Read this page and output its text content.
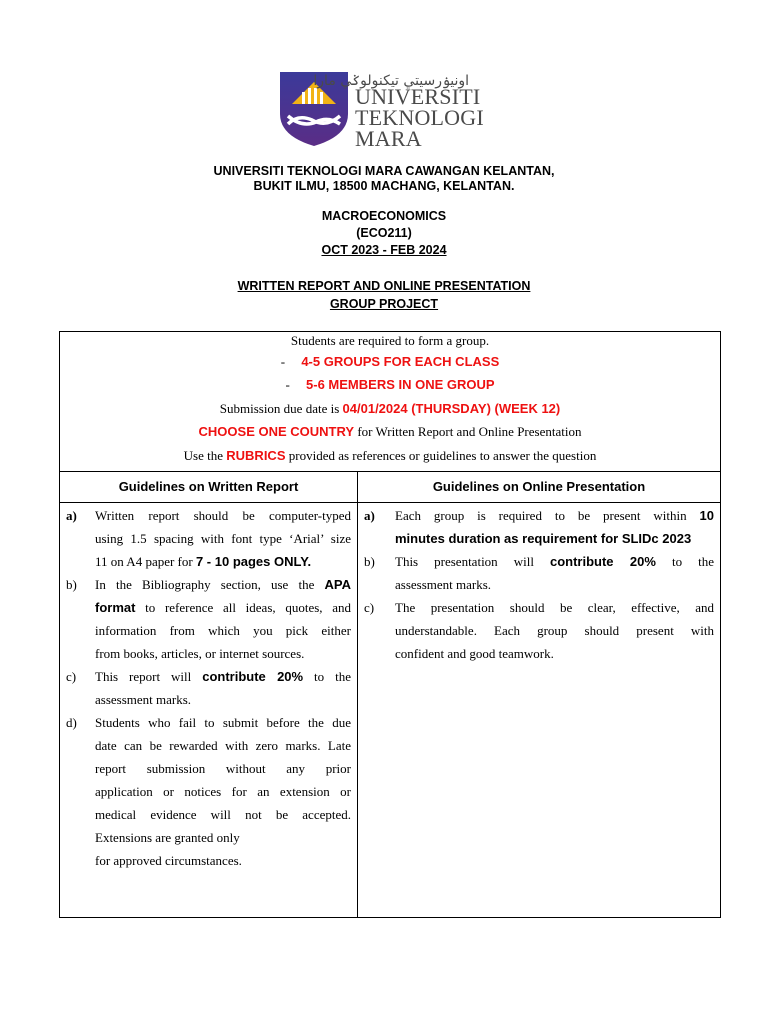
اونيۏرسيتي تيكنولوݢي مارا
UNIVERSITI
TEKNOLOGI
MARA
UNIVERSITI TEKNOLOGI MARA CAWANGAN KELANTAN,
BUKIT ILMU, 18500 MACHANG, KELANTAN.
MACROECONOMICS
(ECO211)
OCT 2023 - FEB 2024
WRITTEN REPORT AND ONLINE PRESENTATION
GROUP PROJECT
Students are required to form a group.
- 4-5 GROUPS FOR EACH CLASS
- 5-6 MEMBERS IN ONE GROUP
Submission due date is 04/01/2024 (THURSDAY) (WEEK 12)
CHOOSE ONE COUNTRY for Written Report and Online Presentation
Use the RUBRICS provided as references or guidelines to answer the question
Guidelines on Written Report	Guidelines on Online Presentation
a) Written report should be computer-typed
using 1.5 spacing with font type ‘Arial’ size
11 on A4 paper for 7 - 10 pages ONLY.
b) In the Bibliography section, use the APA
format to reference all ideas, quotes, and
information from which you pick either
from books, articles, or internet sources.
c) This report will contribute 20% to the
assessment marks.
d) Students who fail to submit before the due
date can be rewarded with zero marks. Late
report submission without any prior
application or notices for an extension or
medical evidence will not be accepted.
Extensions are granted only
for approved circumstances.
a) Each group is required to be present within 10
minutes duration as requirement for SLIDc 2023
b) This presentation will contribute 20% to the
assessment marks.
c) The presentation should be clear, effective, and
understandable. Each group should present with
confident and good teamwork.
